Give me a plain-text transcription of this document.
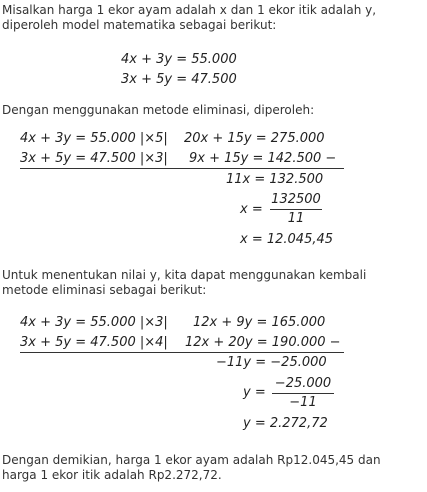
Misalkan harga 1 ekor ayam adalah x dan 1 ekor itik adalah y,
diperoleh model matematika sebagai berikut:
4x + 3y = 55.000
3x + 5y = 47.500
Dengan menggunakan metode eliminasi, diperoleh:
4x + 3y = 55.000 |×5| 20x + 15y = 275.000
3x + 5y = 47.500 |×3| 9x + 15y = 142.500 −
11x = 132.500
x =
132500
11
x = 12.045,45
Untuk menentukan nilai y, kita dapat menggunakan kembali
metode eliminasi sebagai berikut:
4x + 3y = 55.000 |×3| 12x + 9y = 165.000
3x + 5y = 47.500 |×4| 12x + 20y = 190.000 −
−11y = −25.000
y =
−25.000
−11
y = 2.272,72
Dengan demikian, harga 1 ekor ayam adalah Rp12.045,45 dan
harga 1 ekor itik adalah Rp2.272,72.
